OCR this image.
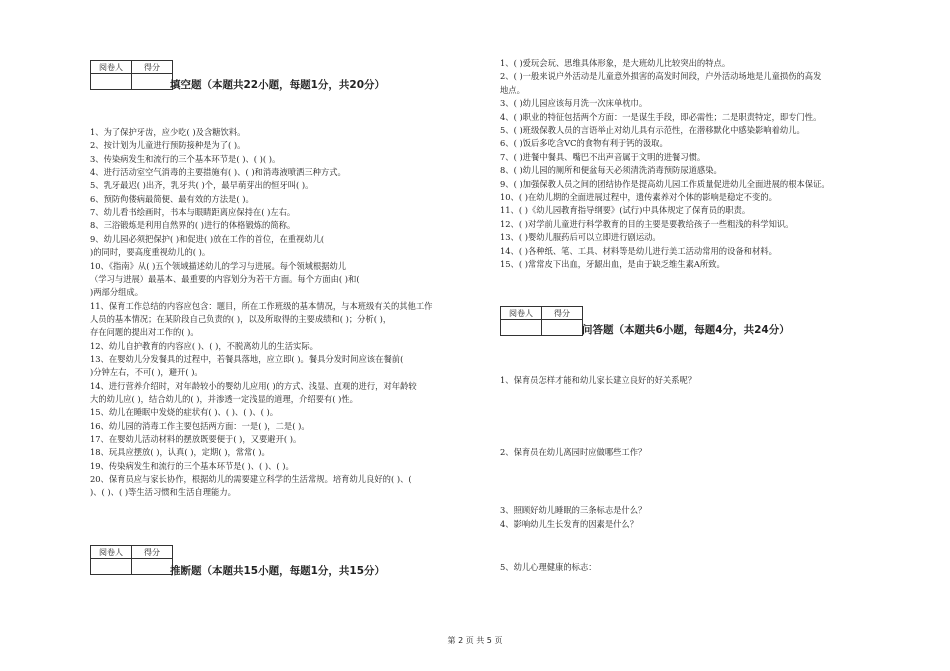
阅卷人	得分

填空题（本题共22小题，每题1分，共20分）
1、为了保护牙齿，应少吃( )及含糖饮料。
2、按计划为儿童进行预防接种是为了( )。
3、传染病发生和流行的三个基本环节是( )、( )( )。
4、进行活动室空气消毒的主要措施有( )、( )和消毒液喷洒三种方式。
5、乳牙最迟( )出齐，乳牙共( )个，最早萌芽出的恒牙叫( )。
6、预防佝偻病最简便、最有效的方法是( )。
7、幼儿看书绘画时，书本与眼睛距离应保持在( )左右。
8、三浴锻炼是利用自然界的( )进行的体格锻炼的简称。
9、幼儿园必须把保护( )和促进( )放在工作的首位，在重视幼儿(
)的同时，要高度重视幼儿的( )。
10、《指南》从( )五个领域描述幼儿的学习与进展。每个领域根据幼儿
（学习与进展）最基本、最重要的内容划分为若干方面。每个方面由( )和(
)两部分组成。
11、保育工作总结的内容应包含：题目，所在工作班级的基本情况，与本班级有关的其他工作
人员的基本情况；在某阶段自己负责的( )，以及所取得的主要成绩和( )；分析( )，
存在问题的提出对工作的( )。
12、幼儿自护教育的内容应( )、( )，不脱离幼儿的生活实际。
13、在婴幼儿分发餐具的过程中，若餐具落地，应立即( )。餐具分发时间应该在餐前(
)分钟左右，不可( )，避开( )。
14、进行营养介绍时，对年龄较小的婴幼儿应用( )的方式、浅显、直观的进行，对年龄较
大的幼儿应( )，结合幼儿的( )，并渗透一定浅显的道理，介绍要有( )性。
15、幼儿在睡眠中发烧的症状有( )、( )、( )、( )。
16、幼儿园的消毒工作主要包括两方面：一是( )，二是( )。
17、在婴幼儿活动材料的摆放既要便于( )，又要避开( )。
18、玩具应摆放( )，认真( )，定期( )，常常( )。
19、传染病发生和流行的三个基本环节是( )、( )、( )。
20、保育员应与家长协作，根据幼儿的需要建立科学的生活常规。培育幼儿良好的( )、(
)、( )、( )等生活习惯和生活自理能力。
阅卷人	得分

推断题（本题共15小题，每题1分，共15分）
1、( )爱玩会玩、思维具体形象，是大班幼儿比较突出的特点。
2、( )一般来说户外活动是儿童意外损害的高发时间段，户外活动场地是儿童损伤的高发
地点。
3、( )幼儿园应该每月洗一次床单枕巾。
4、( )职业的特征包括两个方面：一是谋生手段，即必需性；二是职责特定，即专门性。
5、( )班级保教人员的言语举止对幼儿具有示范性，在潜移默化中感染影响着幼儿。
6、( )饭后多吃含VC的食物有利于钙的汲取。
7、( )进餐中餐具、嘴巴不出声音属于文明的进餐习惯。
8、( )幼儿园的厕所和便盆每天必须清洗消毒预防尿道感染。
9、( )加强保教人员之间的团结协作是提高幼儿园工作质量促进幼儿全面进展的根本保证。
10、( )在幼儿期的全面进展过程中，遗传素养对个体的影响是稳定不变的。
11、( )《幼儿园教育指导纲要》(试行)中具体规定了保育员的职责。
12、( )对学前儿童进行科学教育的目的主要是要教给孩子一些粗浅的科学知识。
13、( )婴幼儿服药后可以立即进行剧运动。
14、( )各种纸、笔、工具、材料等是幼儿进行美工活动常用的设备和材料。
15、( )常常皮下出血，牙龈出血，是由于缺乏维生素A所致。
阅卷人	得分

问答题（本题共6小题，每题4分，共24分）
1、保育员怎样才能和幼儿家长建立良好的好关系呢？
2、保育员在幼儿离园时应做哪些工作？
3、照顾好幼儿睡眠的三条标志是什么？
4、影响幼儿生长发育的因素是什么？
5、幼儿心理健康的标志：
第 2 页 共 5 页
